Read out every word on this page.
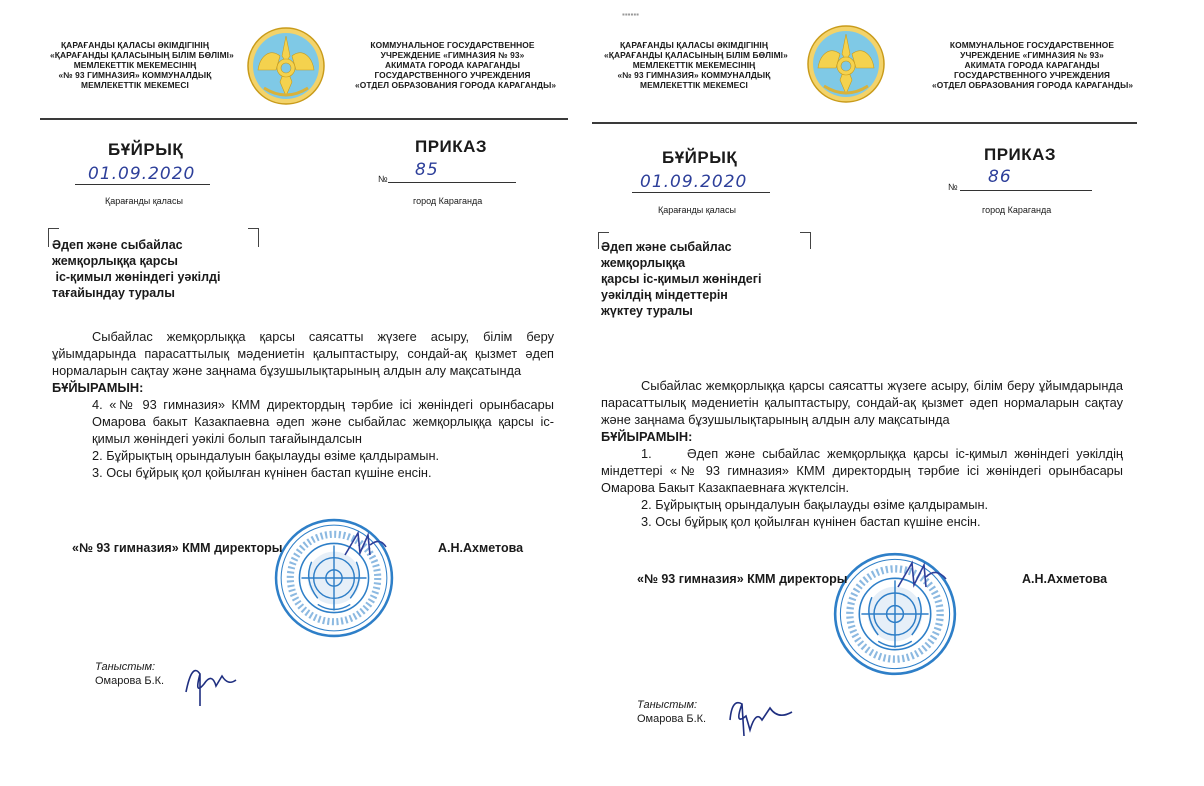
ҚАРАҒАНДЫ ҚАЛАСЫ ӘКІМДІГІНІҢ
«ҚАРАҒАНДЫ ҚАЛАСЫНЫҢ БІЛІМ БӨЛІМІ»
МЕМЛЕКЕТТІК МЕКЕМЕСІНІҢ
«№ 93 ГИМНАЗИЯ» КОММУНАЛДЫҚ
МЕМЛЕКЕТТІК МЕКЕМЕСІ
КОММУНАЛЬНОЕ ГОСУДАРСТВЕННОЕ
УЧРЕЖДЕНИЕ «ГИМНАЗИЯ № 93»
АКИМАТА ГОРОДА КАРАГАНДЫ
ГОСУДАРСТВЕННОГО УЧРЕЖДЕНИЯ
«ОТДЕЛ ОБРАЗОВАНИЯ ГОРОДА КАРАГАНДЫ»
БҰЙРЫҚ	ПРИКАЗ
01.09.2020	№ 85
Қарағанды қаласы	город Караганда
Әдеп және сыбайлас
жемқорлыққа қарсы
іс-қимыл жөніндегі уәкілді
тағайындау туралы

Сыбайлас жемқорлыққа қарсы саясатты жүзеге асыру, білім беру ұйымдарында парасаттылық мәдениетін қалыптастыру, сондай-ақ қызмет әдеп нормаларын сақтау және заңнама бұзушылықтарының алдын алу мақсатында

БҰЙЫРАМЫН:

4. «№ 93 гимназия» КММ директордың тәрбие ісі жөніндегі орынбасары Омарова бакыт Казакпаевна әдеп және сыбайлас жемқорлыққа қарсы іс-қимыл жөніндегі уәкілі болып тағайындалсын

2. Бұйрықтың орындалуын бақылауды өзіме қалдырамын.

3. Осы бұйрық қол қойылған күнінен бастап күшіне енсін.

«№ 93 гимназия» КММ директоры	А.Н.Ахметова
Таныстым:
Омарова Б.К.
▪▪▪▪▪▪
ҚАРАҒАНДЫ ҚАЛАСЫ ӘКІМДІГІНІҢ
«ҚАРАҒАНДЫ ҚАЛАСЫНЫҢ БІЛІМ БӨЛІМІ»
МЕМЛЕКЕТТІК МЕКЕМЕСІНІҢ
«№ 93 ГИМНАЗИЯ» КОММУНАЛДЫҚ
МЕМЛЕКЕТТІК МЕКЕМЕСІ
КОММУНАЛЬНОЕ ГОСУДАРСТВЕННОЕ
УЧРЕЖДЕНИЕ «ГИМНАЗИЯ № 93»
АКИМАТА ГОРОДА КАРАГАНДЫ
ГОСУДАРСТВЕННОГО УЧРЕЖДЕНИЯ
«ОТДЕЛ ОБРАЗОВАНИЯ ГОРОДА КАРАГАНДЫ»
БҰЙРЫҚ	ПРИКАЗ
01.09.2020	№ 86
Қарағанды қаласы	город Караганда
Әдеп және сыбайлас
жемқорлыққа
қарсы іс-қимыл жөніндегі
уәкілдің міндеттерін
жүктеу туралы

Сыбайлас жемқорлыққа қарсы саясатты жүзеге асыру, білім беру ұйымдарында парасаттылық мәдениетін қалыптастыру, сондай-ақ қызмет әдеп нормаларын сақтау және заңнама бұзушылықтарының алдын алу мақсатында

БҰЙЫРАМЫН:

1.     Әдеп және сыбайлас жемқорлыққа қарсы іс-қимыл жөніндегі уәкілдің міндеттері «№ 93 гимназия» КММ директордың тәрбие ісі жөніндегі орынбасары Омарова Бакыт Казакпаевнаға жүктелсін.

2. Бұйрықтың орындалуын бақылауды өзіме қалдырамын.

3. Осы бұйрық қол қойылған күнінен бастап күшіне енсін.

«№ 93 гимназия» КММ директоры	А.Н.Ахметова
Таныстым:
Омарова Б.К.
